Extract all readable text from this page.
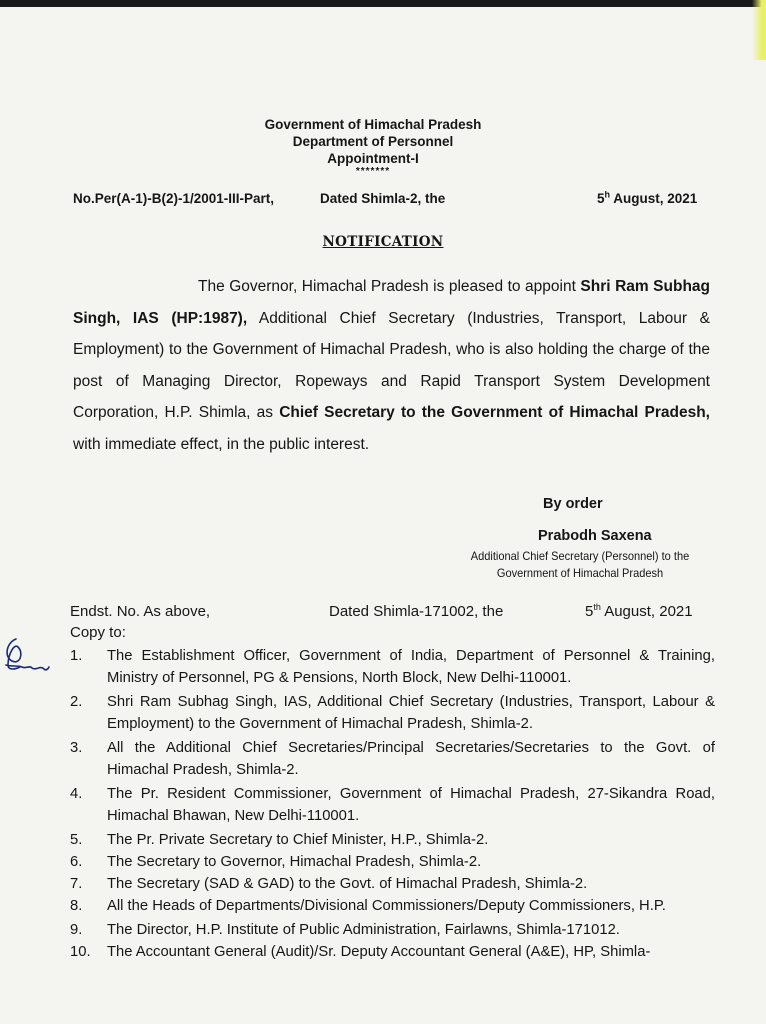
Government of Himachal Pradesh
Department of Personnel
Appointment-I
*******
No.Per(A-1)-B(2)-1/2001-III-Part,	Dated Shimla-2, the	5$^h$ August, 2021
NOTIFICATION

The Governor, Himachal Pradesh is pleased to appoint Shri Ram Subhag Singh, IAS (HP:1987), Additional Chief Secretary (Industries, Transport, Labour & Employment) to the Government of Himachal Pradesh, who is also holding the charge of the post of Managing Director, Ropeways and Rapid Transport System Development Corporation, H.P. Shimla, as Chief Secretary to the Government of Himachal Pradesh, with immediate effect, in the public interest.

By order
Prabodh Saxena
Additional Chief Secretary (Personnel) to the
Government of Himachal Pradesh
Endst. No. As above,	Dated Shimla-171002, the	5th August, 2021
Copy to:
1.	The Establishment Officer, Government of India, Department of Personnel & Training, Ministry of Personnel, PG & Pensions, North Block, New Delhi-110001.
2.	Shri Ram Subhag Singh, IAS, Additional Chief Secretary (Industries, Transport, Labour & Employment) to the Government of Himachal Pradesh, Shimla-2.
3.	All the Additional Chief Secretaries/Principal Secretaries/Secretaries to the Govt. of Himachal Pradesh, Shimla-2.
4.	The Pr. Resident Commissioner, Government of Himachal Pradesh, 27-Sikandra Road, Himachal Bhawan, New Delhi-110001.
5.	The Pr. Private Secretary to Chief Minister, H.P., Shimla-2.
6.	The Secretary to Governor, Himachal Pradesh, Shimla-2.
7.	The Secretary (SAD & GAD) to the Govt. of Himachal Pradesh, Shimla-2.
8.	All the Heads of Departments/Divisional Commissioners/Deputy Commissioners, H.P.
9.	The Director, H.P. Institute of Public Administration, Fairlawns, Shimla-171012.
10.	The Accountant General (Audit)/Sr. Deputy Accountant General (A&E), HP, Shimla-
